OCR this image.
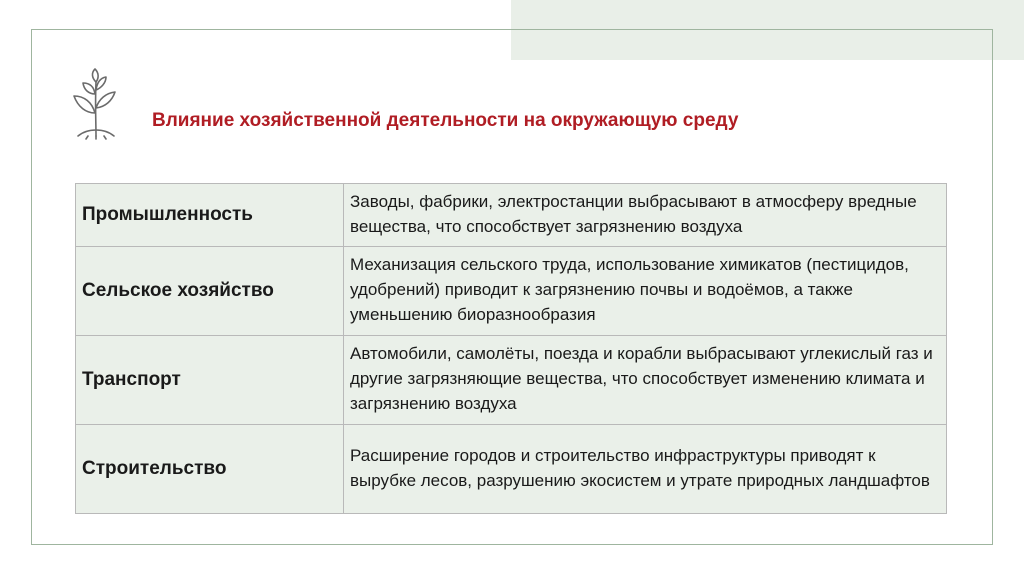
Влияние хозяйственной деятельности на окружающую среду
Промышленность	Заводы, фабрики, электростанции выбрасывают в атмосферу вредные вещества, что способствует загрязнению воздуха
Сельское хозяйство	Механизация сельского труда, использование химикатов (пестицидов, удобрений) приводит к загрязнению почвы и водоёмов, а также уменьшению биоразнообразия
Транспорт	Автомобили, самолёты, поезда и корабли выбрасывают углекислый газ и другие загрязняющие вещества, что способствует изменению климата и загрязнению воздуха
Строительство	Расширение городов и строительство инфраструктуры приводят к вырубке лесов, разрушению экосистем и утрате природных ландшафтов
